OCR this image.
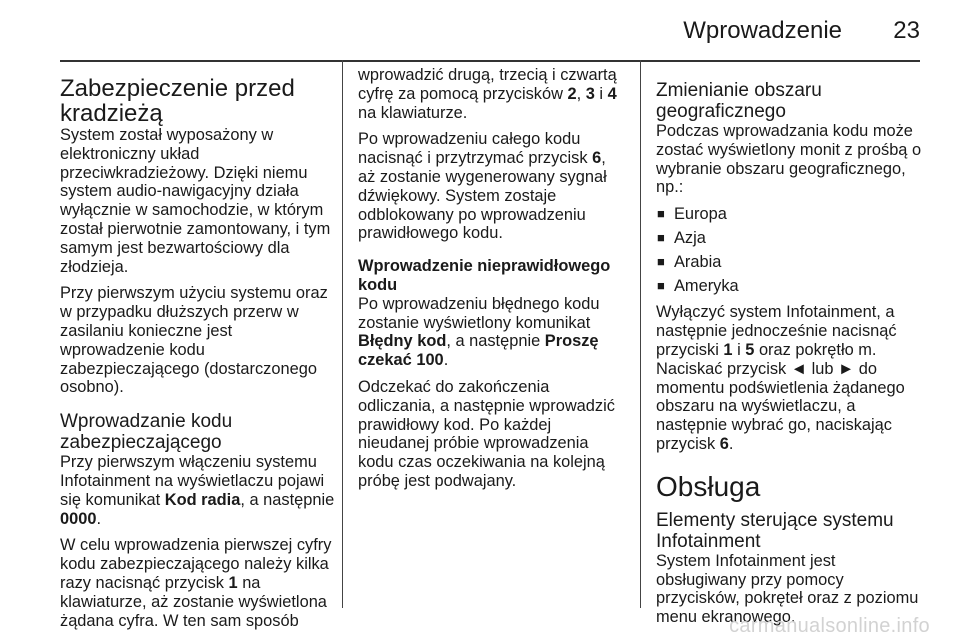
Wprowadzenie 23
Zabezpieczenie przed kradzieżą

System został wyposażony w elektroniczny układ przeciwkradzieżowy. Dzięki niemu system audio-nawigacyjny działa wyłącznie w samochodzie, w którym został pierwotnie zamontowany, i tym samym jest bezwartościowy dla złodzieja.

Przy pierwszym użyciu systemu oraz w przypadku dłuższych przerw w zasilaniu konieczne jest wprowadzenie kodu zabezpieczającego (dostarczonego osobno).

Wprowadzanie kodu zabezpieczającego

Przy pierwszym włączeniu systemu Infotainment na wyświetlaczu pojawi się komunikat Kod radia, a następnie 0000.

W celu wprowadzenia pierwszej cyfry kodu zabezpieczającego należy kilka razy nacisnąć przycisk 1 na klawiaturze, aż zostanie wyświetlona żądana cyfra. W ten sam sposób

wprowadzić drugą, trzecią i czwartą cyfrę za pomocą przycisków 2, 3 i 4 na klawiaturze.

Po wprowadzeniu całego kodu nacisnąć i przytrzymać przycisk 6, aż zostanie wygenerowany sygnał dźwiękowy. System zostaje odblokowany po wprowadzeniu prawidłowego kodu.

Wprowadzenie nieprawidłowego kodu

Po wprowadzeniu błędnego kodu zostanie wyświetlony komunikat Błędny kod, a następnie Proszę czekać 100.

Odczekać do zakończenia odliczania, a następnie wprowadzić prawidłowy kod. Po każdej nieudanej próbie wprowadzenia kodu czas oczekiwania na kolejną próbę jest podwajany.

Zmienianie obszaru geograficznego

Podczas wprowadzania kodu może zostać wyświetlony monit z prośbą o wybranie obszaru geograficznego, np.:

■ Europa
■ Azja
■ Arabia
■ Ameryka

Wyłączyć system Infotainment, a następnie jednocześnie nacisnąć przyciski 1 i 5 oraz pokrętło m. Naciskać przycisk ◄ lub ► do momentu podświetlenia żądanego obszaru na wyświetlaczu, a następnie wybrać go, naciskając przycisk 6.

Obsługa
Elementy sterujące systemu Infotainment

System Infotainment jest obsługiwany przy pomocy przycisków, pokręteł oraz z poziomu menu ekranowego.

carmanualsonline.info
